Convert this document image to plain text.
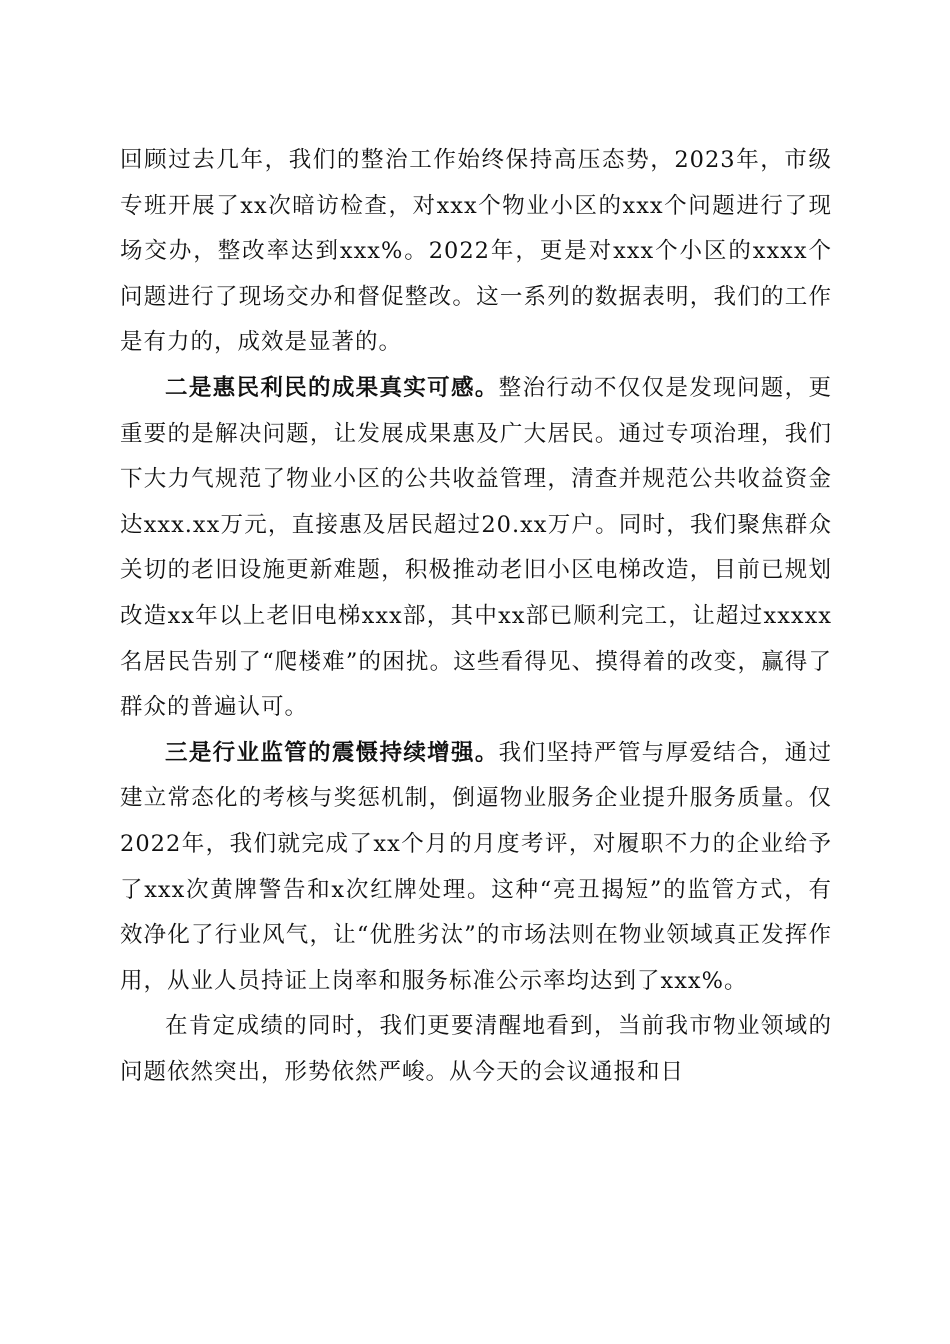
回顾过去几年，我们的整治工作始终保持高压态势，2023年，市级专班开展了xx次暗访检查，对xxx个物业小区的xxx个问题进行了现场交办，整改率达到xxx%。2022年，更是对xxx个小区的xxxx个问题进行了现场交办和督促整改。这一系列的数据表明，我们的工作是有力的，成效是显著的。

二是惠民利民的成果真实可感。整治行动不仅仅是发现问题，更重要的是解决问题，让发展成果惠及广大居民。通过专项治理，我们下大力气规范了物业小区的公共收益管理，清查并规范公共收益资金达xxx.xx万元，直接惠及居民超过20.xx万户。同时，我们聚焦群众关切的老旧设施更新难题，积极推动老旧小区电梯改造，目前已规划改造xx年以上老旧电梯xxx部，其中xx部已顺利完工，让超过xxxxx名居民告别了“爬楼难”的困扰。这些看得见、摸得着的改变，赢得了群众的普遍认可。

三是行业监管的震慑持续增强。我们坚持严管与厚爱结合，通过建立常态化的考核与奖惩机制，倒逼物业服务企业提升服务质量。仅2022年，我们就完成了xx个月的月度考评，对履职不力的企业给予了xxx次黄牌警告和x次红牌处理。这种“亮丑揭短”的监管方式，有效净化了行业风气，让“优胜劣汰”的市场法则在物业领域真正发挥作用，从业人员持证上岗率和服务标准公示率均达到了xxx%。

在肯定成绩的同时，我们更要清醒地看到，当前我市物业领域的问题依然突出，形势依然严峻。从今天的会议通报和日
